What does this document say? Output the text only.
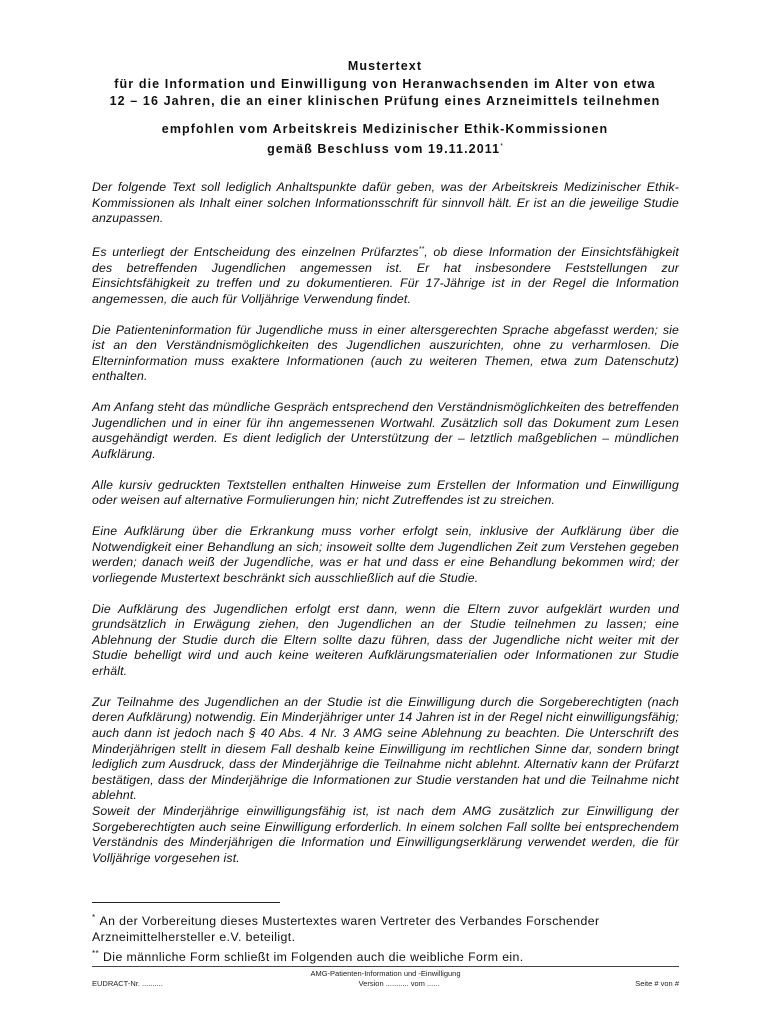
Mustertext
für die Information und Einwilligung von Heranwachsenden im Alter von etwa
12 – 16 Jahren, die an einer klinischen Prüfung eines Arzneimittels teilnehmen
empfohlen vom Arbeitskreis Medizinischer Ethik-Kommissionen
gemäß Beschluss vom 19.11.2011*

Der folgende Text soll lediglich Anhaltspunkte dafür geben, was der Arbeitskreis Medizinischer Ethik-Kommissionen als Inhalt einer solchen Informationsschrift für sinnvoll hält. Er ist an die jeweilige Studie anzupassen.

Es unterliegt der Entscheidung des einzelnen Prüfarztes**, ob diese Information der Einsichtsfähigkeit des betreffenden Jugendlichen angemessen ist. Er hat insbesondere Feststellungen zur Einsichtsfähigkeit zu treffen und zu dokumentieren. Für 17-Jährige ist in der Regel die Information angemessen, die auch für Volljährige Verwendung findet.

Die Patienteninformation für Jugendliche muss in einer altersgerechten Sprache abgefasst werden; sie ist an den Verständnismöglichkeiten des Jugendlichen auszurichten, ohne zu verharmlosen. Die Elterninformation muss exaktere Informationen (auch zu weiteren Themen, etwa zum Datenschutz) enthalten.

Am Anfang steht das mündliche Gespräch entsprechend den Verständnismöglichkeiten des betreffenden Jugendlichen und in einer für ihn angemessenen Wortwahl. Zusätzlich soll das Dokument zum Lesen ausgehändigt werden. Es dient lediglich der Unterstützung der – letztlich maßgeblichen – mündlichen Aufklärung.

Alle kursiv gedruckten Textstellen enthalten Hinweise zum Erstellen der Information und Einwilligung oder weisen auf alternative Formulierungen hin; nicht Zutreffendes ist zu streichen.

Eine Aufklärung über die Erkrankung muss vorher erfolgt sein, inklusive der Aufklärung über die Notwendigkeit einer Behandlung an sich; insoweit sollte dem Jugendlichen Zeit zum Verstehen gegeben werden; danach weiß der Jugendliche, was er hat und dass er eine Behandlung bekommen wird; der vorliegende Mustertext beschränkt sich ausschließlich auf die Studie.

Die Aufklärung des Jugendlichen erfolgt erst dann, wenn die Eltern zuvor aufgeklärt wurden und grundsätzlich in Erwägung ziehen, den Jugendlichen an der Studie teilnehmen zu lassen; eine Ablehnung der Studie durch die Eltern sollte dazu führen, dass der Jugendliche nicht weiter mit der Studie behelligt wird und auch keine weiteren Aufklärungsmaterialien oder Informationen zur Studie erhält.

Zur Teilnahme des Jugendlichen an der Studie ist die Einwilligung durch die Sorgeberechtigten (nach deren Aufklärung) notwendig. Ein Minderjähriger unter 14 Jahren ist in der Regel nicht einwilligungsfähig; auch dann ist jedoch nach § 40 Abs. 4 Nr. 3 AMG seine Ablehnung zu beachten. Die Unterschrift des Minderjährigen stellt in diesem Fall deshalb keine Einwilligung im rechtlichen Sinne dar, sondern bringt lediglich zum Ausdruck, dass der Minderjährige die Teilnahme nicht ablehnt. Alternativ kann der Prüfarzt bestätigen, dass der Minderjährige die Informationen zur Studie verstanden hat und die Teilnahme nicht ablehnt.

Soweit der Minderjährige einwilligungsfähig ist, ist nach dem AMG zusätzlich zur Einwilligung der Sorgeberechtigten auch seine Einwilligung erforderlich. In einem solchen Fall sollte bei entsprechendem Verständnis des Minderjährigen die Information und Einwilligungserklärung verwendet werden, die für Volljährige vorgesehen ist.

* An der Vorbereitung dieses Mustertextes waren Vertreter des Verbandes Forschender Arzneimittelhersteller e.V. beteiligt.
** Die männliche Form schließt im Folgenden auch die weibliche Form ein.
AMG-Patienten-Information und -Einwilligung
EUDRACT-Nr. ..........	Version ........... vom ......	Seite # von #
